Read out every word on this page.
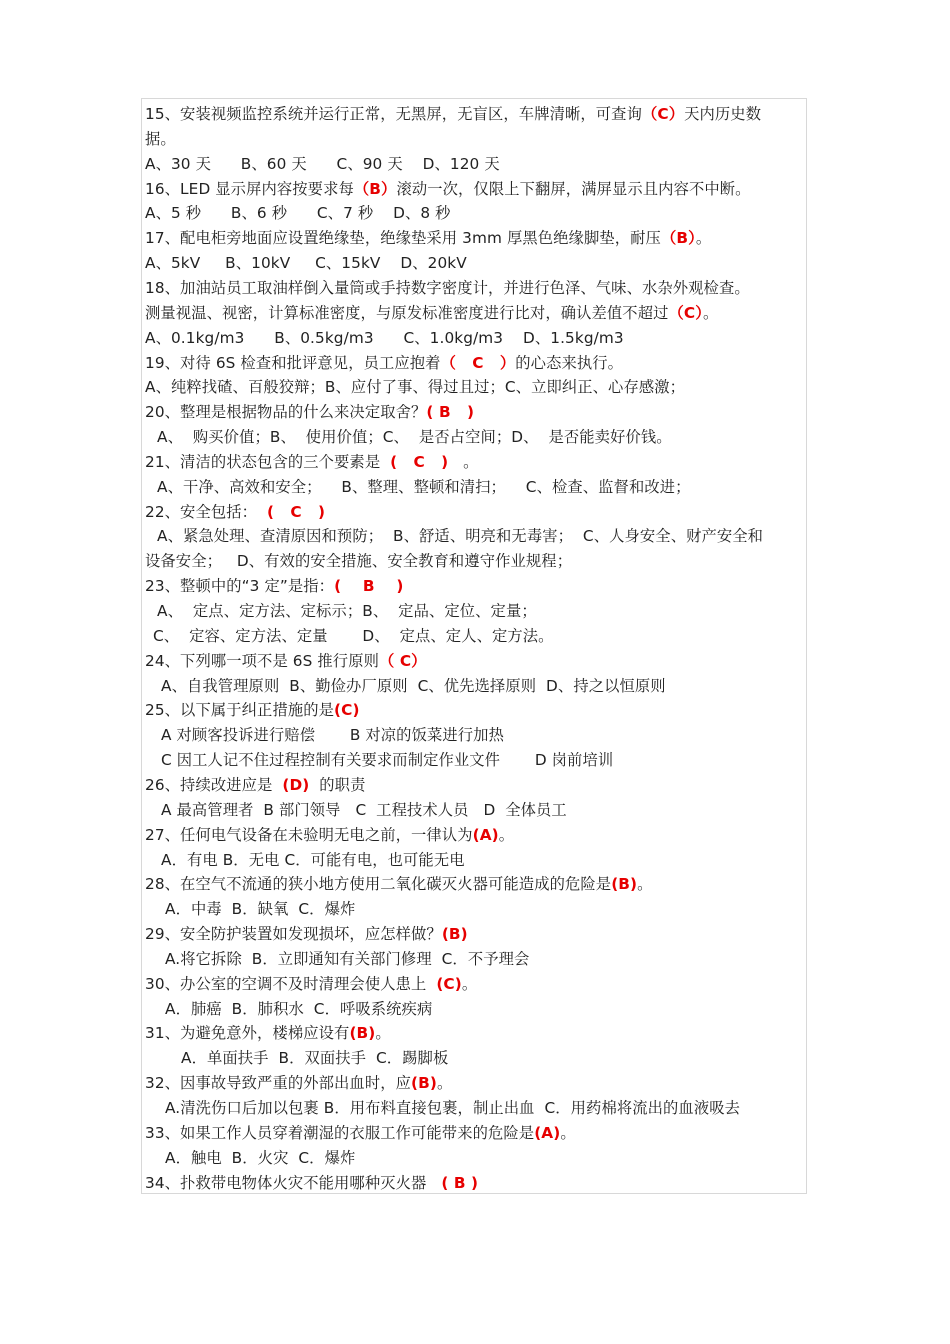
15、安装视频监控系统并运行正常，无黑屏，无盲区，车牌清晰，可查询（C）天内历史数
据。
A、30 天      B、60 天      C、90 天    D、120 天
16、LED 显示屏内容按要求每（B）滚动一次，仅限上下翻屏，满屏显示且内容不中断。
A、5 秒      B、6 秒      C、7 秒    D、8 秒
17、配电柜旁地面应设置绝缘垫，绝缘垫采用 3mm 厚黑色绝缘脚垫，耐压（B）。
A、5kV     B、10kV     C、15kV    D、20kV
18、加油站员工取油样倒入量筒或手持数字密度计，并进行色泽、气味、水杂外观检查。
测量视温、视密，计算标准密度，与原发标准密度进行比对，确认差值不超过（C）。
A、0.1kg/m3      B、0.5kg/m3      C、1.0kg/m3    D、1.5kg/m3
19、对待 6S 检查和批评意见，员工应抱着（   C   ）的心态来执行。
A、纯粹找碴、百般狡辩；B、应付了事、得过且过；C、立即纠正、心存感激；
20、整理是根据物品的什么来决定取舍？( B   )
A、  购买价值；B、  使用价值；C、  是否占空间；D、  是否能卖好价钱。
21、清洁的状态包含的三个要素是  (   C   )   。
A、干净、高效和安全；    B、整理、整顿和清扫；    C、检查、监督和改进；
22、安全包括：  (   C   )
A、紧急处理、查清原因和预防；  B、舒适、明亮和无毒害；  C、人身安全、财产安全和
设备安全；   D、有效的安全措施、安全教育和遵守作业规程；
23、整顿中的“3 定”是指：(    B    )
A、  定点、定方法、定标示；B、  定品、定位、定量；
C、  定容、定方法、定量       D、  定点、定人、定方法。
24、下列哪一项不是 6S 推行原则（ C）
A、自我管理原则  B、勤俭办厂原则  C、优先选择原则  D、持之以恒原则
25、以下属于纠正措施的是(C)
A 对顾客投诉进行赔偿       B 对凉的饭菜进行加热
C 因工人记不住过程控制有关要求而制定作业文件       D 岗前培训
26、持续改进应是  (D)  的职责
A 最高管理者  B 部门领导   C  工程技术人员   D  全体员工
27、任何电气设备在未验明无电之前，一律认为(A)。
A．有电 B．无电 C．可能有电，也可能无电
28、在空气不流通的狭小地方使用二氧化碳灭火器可能造成的危险是(B)。
A．中毒  B．缺氧  C．爆炸
29、安全防护装置如发现损坏，应怎样做？(B)
A.将它拆除  B．立即通知有关部门修理  C．不予理会
30、办公室的空调不及时清理会使人患上  (C)。
A．肺癌  B．肺积水  C．呼吸系统疾病
31、为避免意外，楼梯应设有(B)。
A．单面扶手  B．双面扶手  C．踢脚板
32、因事故导致严重的外部出血时，应(B)。
A.清洗伤口后加以包裹 B．用布料直接包裹，制止出血  C．用药棉将流出的血液吸去
33、如果工作人员穿着潮湿的衣服工作可能带来的危险是(A)。
A．触电  B．火灾  C．爆炸
34、扑救带电物体火灾不能用哪种灭火器   ( B )
